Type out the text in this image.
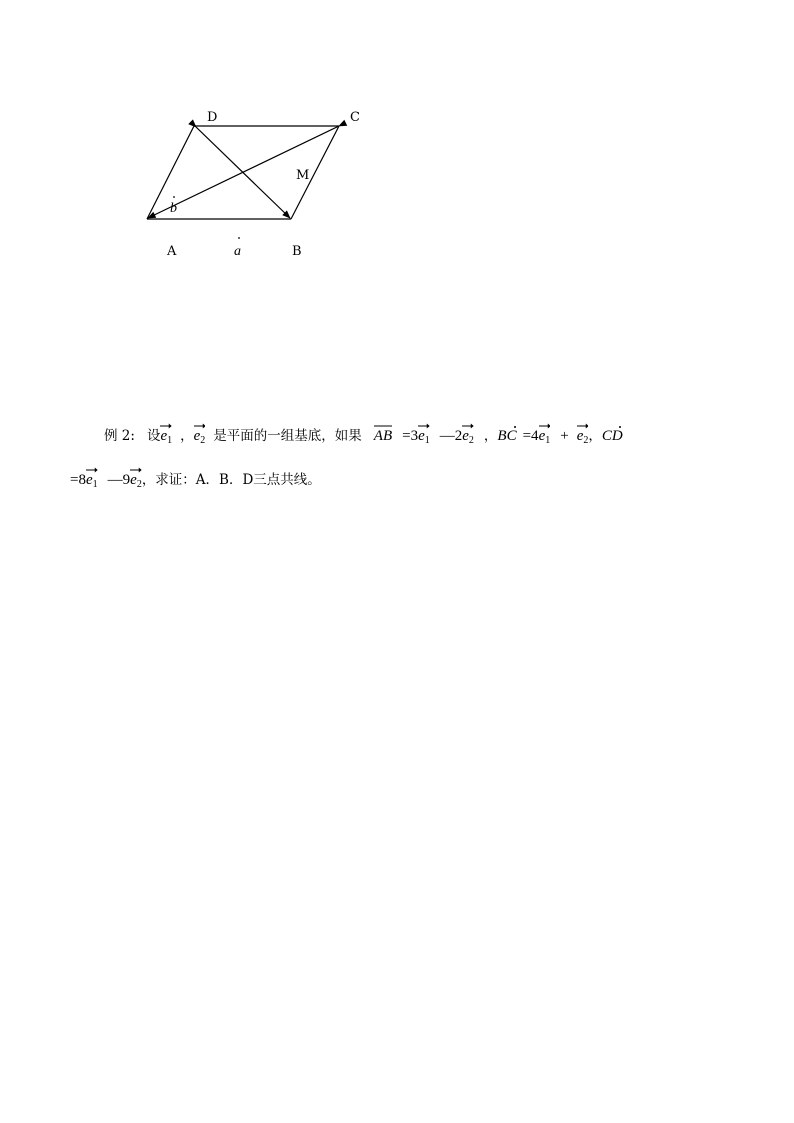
D	C
M
A	B
b
a
例 2: 设
$e_1$ ，
$e_2$ 是平面的一组基底，如果 AB =3
$e_1$ —2
$e_2$ ，BC =4
$e_1 + e_2$，CD
=8
$e_1$ —9
$e_2$，求证：A．B．D三点共线。
